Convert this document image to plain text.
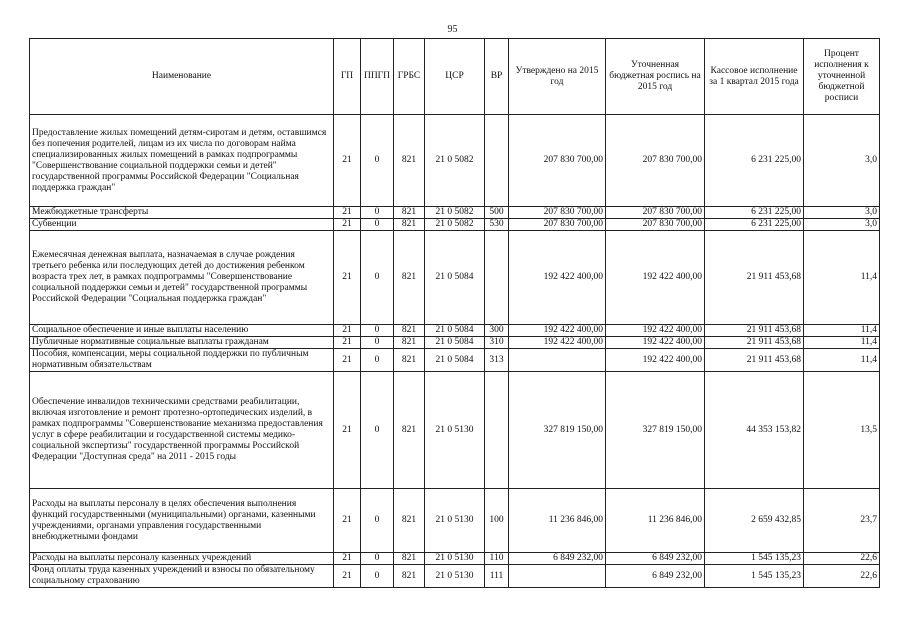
95
Наименование	ГП	ППГП	ГРБС	ЦСР	ВР	Утверждено на 2015 год	Уточненная бюджетная роспись на 2015 год	Кассовое исполнение за 1 квартал 2015 года	Процент исполнения к уточненной бюджетной росписи
Предоставление жилых помещений детям-сиротам и детям, оставшимся без попечения родителей, лицам из их числа по договорам найма специализированных жилых помещений в рамках подпрограммы "Совершенствование социальной поддержки семьи и детей" государственной программы Российской Федерации "Социальная поддержка граждан"	21	0	821	21 0 5082		207 830 700,00	207 830 700,00	6 231 225,00	3,0
Межбюджетные трансферты	21	0	821	21 0 5082	500	207 830 700,00	207 830 700,00	6 231 225,00	3,0
Субвенции	21	0	821	21 0 5082	530	207 830 700,00	207 830 700,00	6 231 225,00	3,0
Ежемесячная денежная выплата, назначаемая в случае рождения третьего ребенка или последующих детей до достижения ребенком возраста трех лет, в рамках подпрограммы "Совершенствование социальной поддержки семьи и детей" государственной программы Российской Федерации "Социальная поддержка граждан"	21	0	821	21 0 5084		192 422 400,00	192 422 400,00	21 911 453,68	11,4
Социальное обеспечение и иные выплаты населению	21	0	821	21 0 5084	300	192 422 400,00	192 422 400,00	21 911 453,68	11,4
Публичные нормативные социальные выплаты гражданам	21	0	821	21 0 5084	310	192 422 400,00	192 422 400,00	21 911 453,68	11,4
Пособия, компенсации, меры социальной поддержки по публичным нормативным обязательствам	21	0	821	21 0 5084	313		192 422 400,00	21 911 453,68	11,4
Обеспечение инвалидов техническими средствами реабилитации, включая изготовление и ремонт протезно-ортопедических изделий, в рамках подпрограммы "Совершенствование механизма предоставления услуг в сфере реабилитации и государственной системы медико-социальной экспертизы" государственной программы Российской Федерации "Доступная среда" на 2011 - 2015 годы	21	0	821	21 0 5130		327 819 150,00	327 819 150,00	44 353 153,82	13,5
Расходы на выплаты персоналу в целях обеспечения выполнения функций государственными (муниципальными) органами, казенными учреждениями, органами управления государственными внебюджетными фондами	21	0	821	21 0 5130	100	11 236 846,00	11 236 846,00	2 659 432,85	23,7
Расходы на выплаты персоналу казенных учреждений	21	0	821	21 0 5130	110	6 849 232,00	6 849 232,00	1 545 135,23	22,6
Фонд оплаты труда казенных учреждений и взносы по обязательному социальному страхованию	21	0	821	21 0 5130	111		6 849 232,00	1 545 135,23	22,6
